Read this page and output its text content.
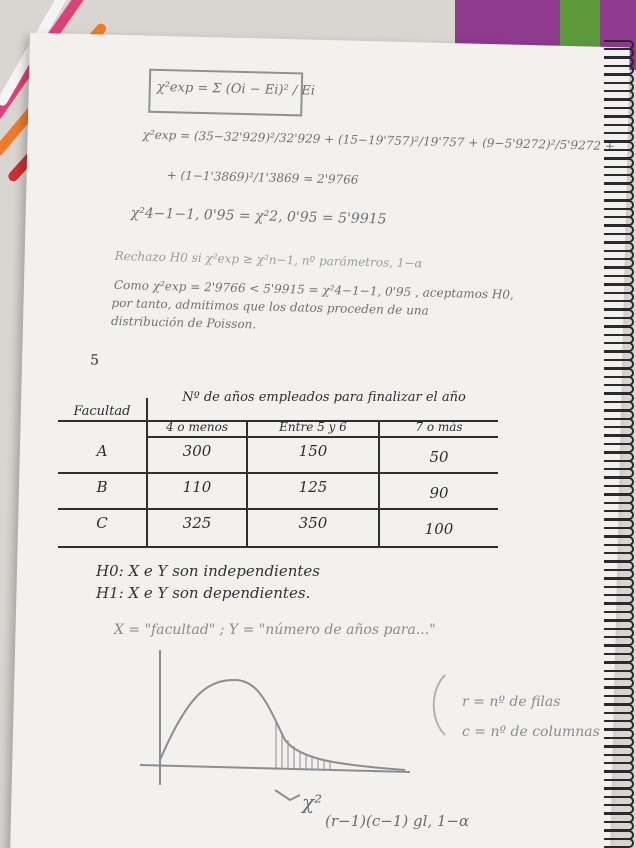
χ²exp = Σ (Oi − Ei)² / Ei
χ²exp = (35−32'929)²/32'929 + (15−19'757)²/19'757 + (9−5'9272)²/5'9272 +
+ (1−1'3869)²/1'3869 = 2'9766
χ²4−1−1, 0'95 = χ²2, 0'95 = 5'9915
Rechazo H0 si χ²exp ≥ χ²n−1, nº parámetros, 1−α
Como χ²exp = 2'9766 < 5'9915 = χ²4−1−1, 0'95 , aceptamos H0,
por tanto, admitimos que los datos proceden de una
distribución de Poisson.
5
Facultad
Nº de años empleados para finalizar el año
4 o menos	Entre 5 y 6	7 o más
A	300	150	50
B	110	125	90
C	325	350	100
H0: X e Y son independientes
H1: X e Y son dependientes.
X = "facultad" ; Y = "número de años para..."
χ²
(r−1)(c−1) gl, 1−α
r = nº de filas
c = nº de columnas
